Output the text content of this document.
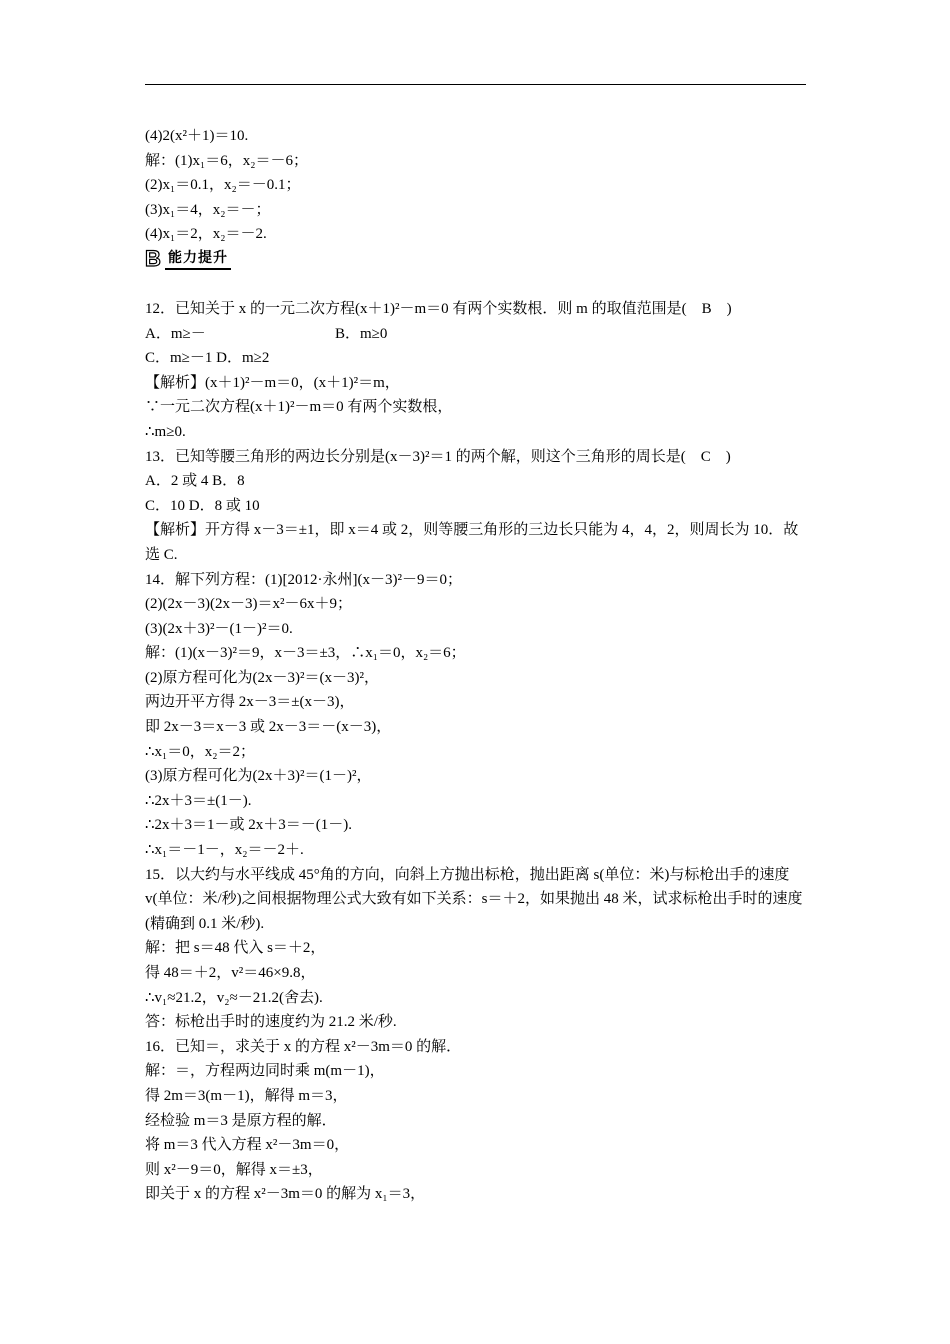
(4)2(x²＋1)＝10.
解：(1)x₁＝6，x₂＝－6；
(2)x₁＝0.1，x₂＝－0.1；
(3)x₁＝4，x₂＝－；
(4)x₁＝2，x₂＝－2.
B 能力提升
12．已知关于 x 的一元二次方程(x＋1)²－m＝0 有两个实数根．则 m 的取值范围是(　B　)
A．m≥－	B．m≥0
C．m≥－1 D．m≥2
【解析】(x＋1)²－m＝0，(x＋1)²＝m，
∵一元二次方程(x＋1)²－m＝0 有两个实数根，
∴m≥0.
13．已知等腰三角形的两边长分别是(x－3)²＝1 的两个解，则这个三角形的周长是(　C　)
A．2 或 4 B．8
C．10 D．8 或 10
【解析】开方得 x－3＝±1，即 x＝4 或 2，则等腰三角形的三边长只能为 4，4，2，则周长为 10．故选 C.
14．解下列方程：(1)[2012·永州](x－3)²－9＝0；
(2)(2x－3)(2x－3)＝x²－6x＋9；
(3)(2x＋3)²－(1－)²＝0.
解：(1)(x－3)²＝9，x－3＝±3，∴x₁＝0，x₂＝6；
(2)原方程可化为(2x－3)²＝(x－3)²，
两边开平方得 2x－3＝±(x－3)，
即 2x－3＝x－3 或 2x－3＝－(x－3)，
∴x₁＝0，x₂＝2；
(3)原方程可化为(2x＋3)²＝(1－)²，
∴2x＋3＝±(1－).
∴2x＋3＝1－或 2x＋3＝－(1－).
∴x₁＝－1－，x₂＝－2＋.
15．以大约与水平线成 45°角的方向，向斜上方抛出标枪，抛出距离 s(单位：米)与标枪出手的速度 v(单位：米/秒)之间根据物理公式大致有如下关系：s＝＋2，如果抛出 48 米，试求标枪出手时的速度(精确到 0.1 米/秒).
解：把 s＝48 代入 s＝＋2，
得 48＝＋2，v²＝46×9.8，
∴v₁≈21.2，v₂≈－21.2(舍去).
答：标枪出手时的速度约为 21.2 米/秒.
16．已知＝，求关于 x 的方程 x²－3m＝0 的解．
解：＝，方程两边同时乘 m(m－1)，
得 2m＝3(m－1)，解得 m＝3，
经检验 m＝3 是原方程的解．
将 m＝3 代入方程 x²－3m＝0，
则 x²－9＝0，解得 x＝±3，
即关于 x 的方程 x²－3m＝0 的解为 x₁＝3，
